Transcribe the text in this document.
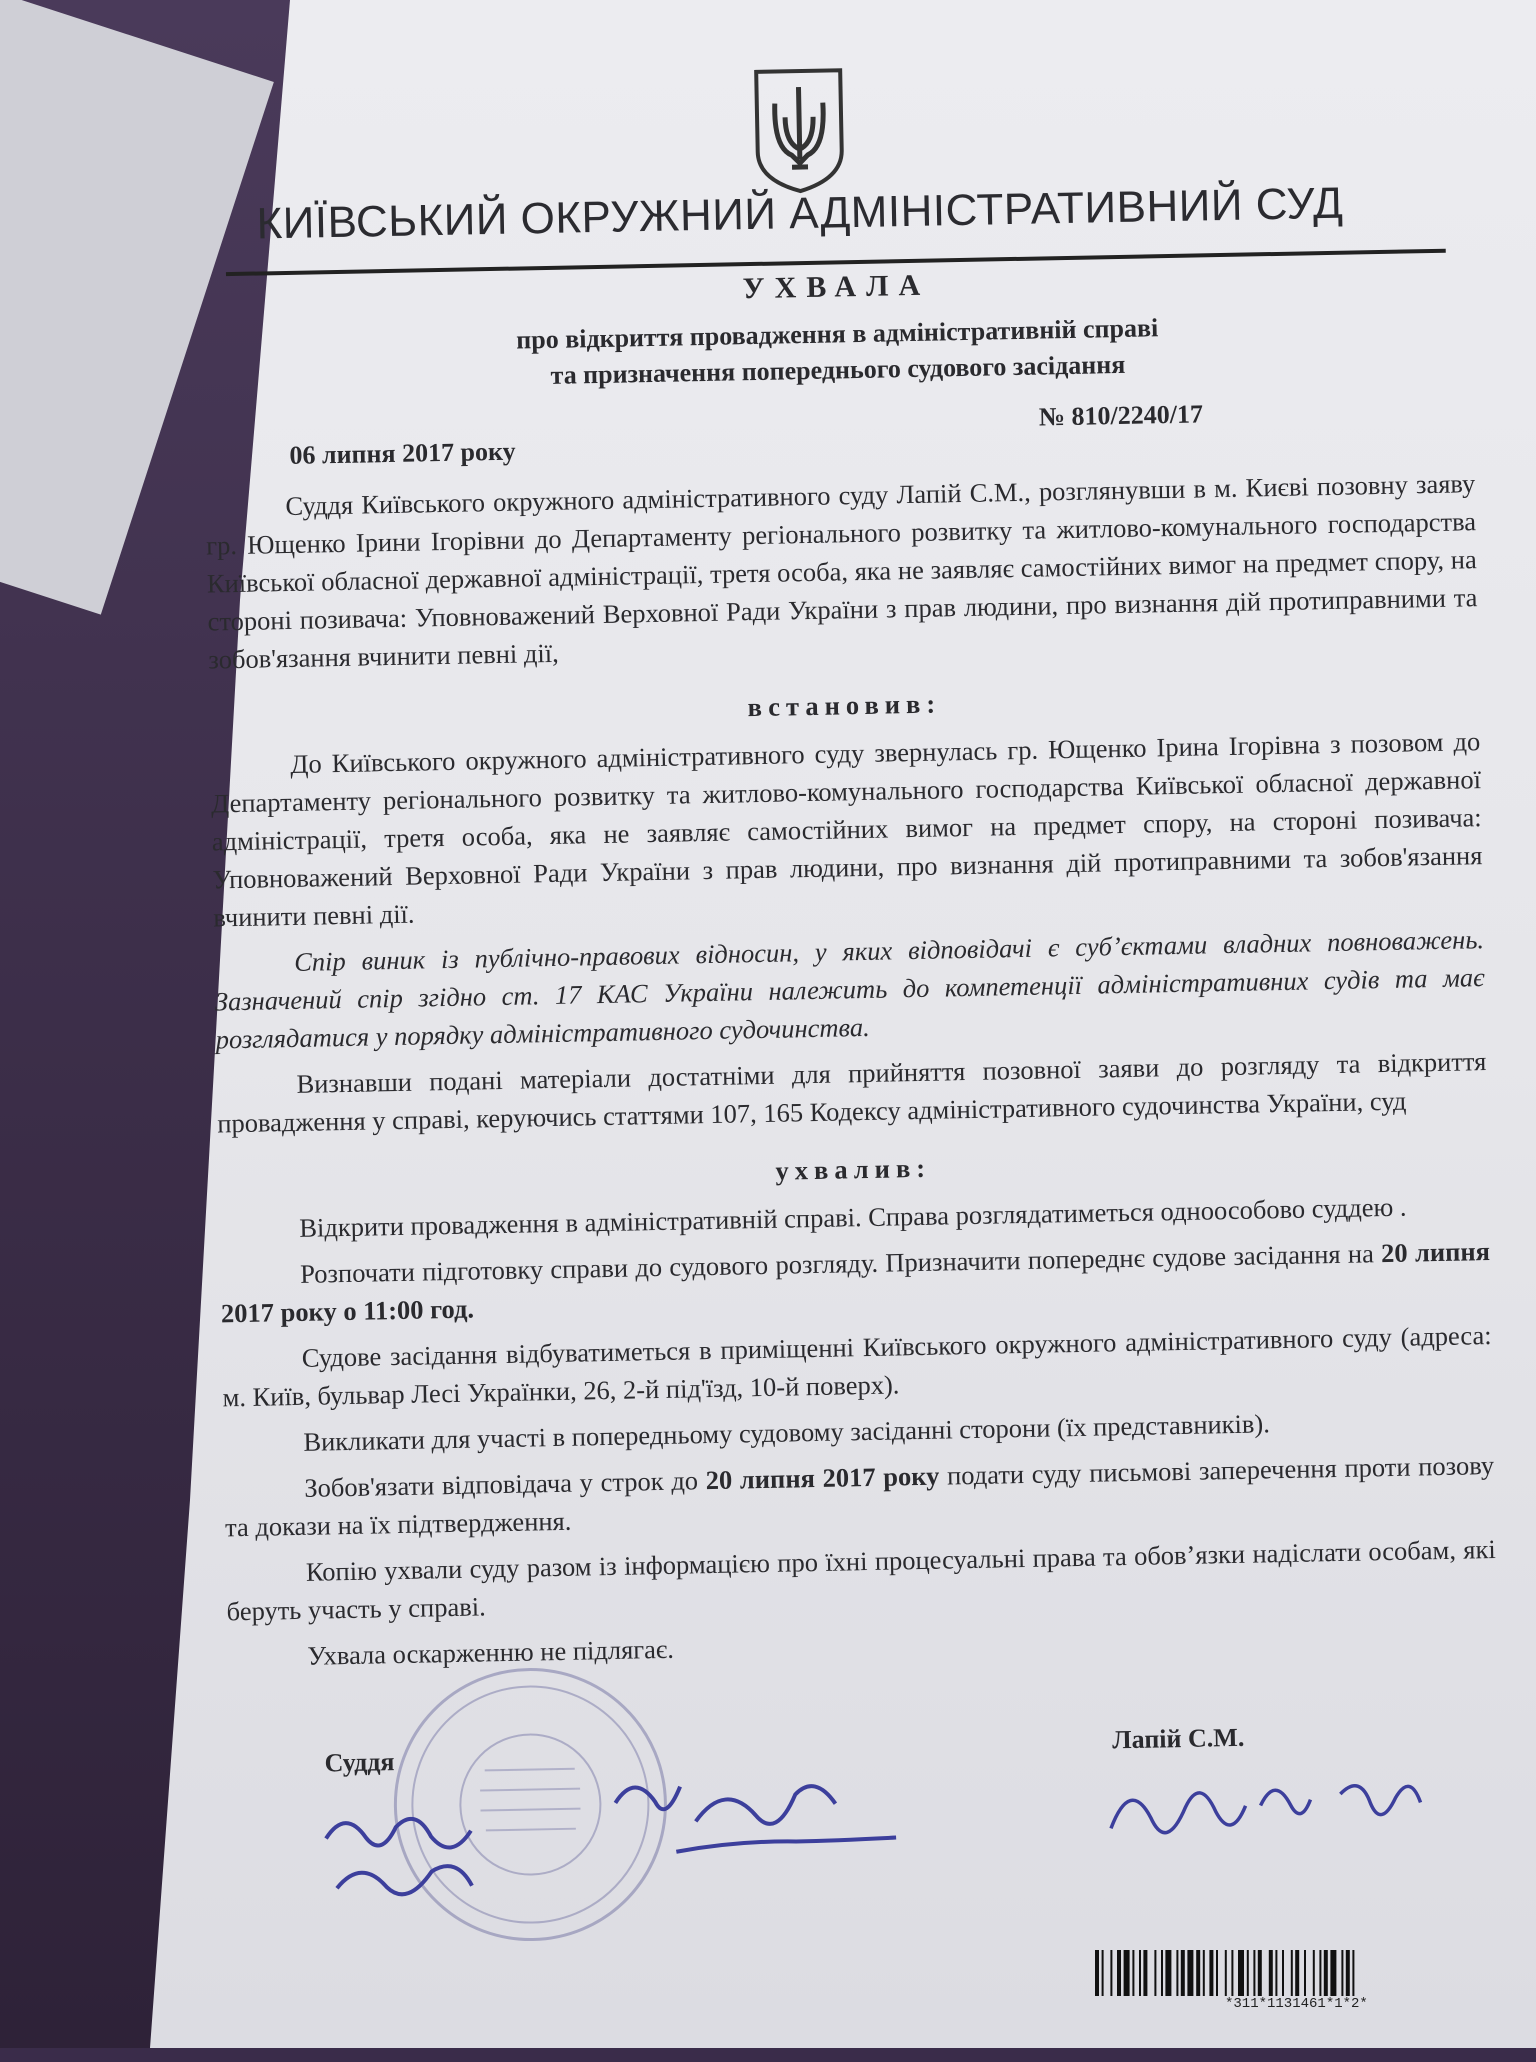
КИЇВСЬКИЙ ОКРУЖНИЙ АДМІНІСТРАТИВНИЙ СУД
УХВАЛА
про відкриття провадження в адміністративній справі
та призначення попереднього судового засідання
№ 810/2240/17
06 липня 2017 року

Суддя Київського окружного адміністративного суду Лапій С.М., розглянувши в м. Києві позовну заяву гр. Ющенко Ірини Ігорівни до Департаменту регіонального розвитку та житлово-комунального господарства Київської обласної державної адміністрації, третя особа, яка не заявляє самостійних вимог на предмет спору, на стороні позивача: Уповноважений Верховної Ради України з прав людини, про визнання дій протиправними та зобов'язання вчинити певні дії,

встановив:

До Київського окружного адміністративного суду звернулась гр. Ющенко Ірина Ігорівна з позовом до Департаменту регіонального розвитку та житлово-комунального господарства Київської обласної державної адміністрації, третя особа, яка не заявляє самостійних вимог на предмет спору, на стороні позивача: Уповноважений Верховної Ради України з прав людини, про визнання дій протиправними та зобов'язання вчинити певні дії.

Спір виник із публічно-правових відносин, у яких відповідачі є суб’єктами владних повноважень. Зазначений спір згідно ст. 17 КАС України належить до компетенції адміністративних судів та має розглядатися у порядку адміністративного судочинства.

Визнавши подані матеріали достатніми для прийняття позовної заяви до розгляду та відкриття провадження у справі, керуючись статтями 107, 165 Кодексу адміністративного судочинства України, суд

ухвалив:

Відкрити провадження в адміністративній справі. Справа розглядатиметься одноособово суддею .

Розпочати підготовку справи до судового розгляду. Призначити попереднє судове засідання на 20 липня 2017 року о 11:00 год.

Судове засідання відбуватиметься в приміщенні Київського окружного адміністративного суду (адреса: м. Київ, бульвар Лесі Українки, 26, 2-й під'їзд, 10-й поверх).

Викликати для участі в попередньому судовому засіданні сторони (їх представників).

Зобов'язати відповідача у строк до 20 липня 2017 року подати суду письмові заперечення проти позову та докази на їх підтвердження.

Копію ухвали суду разом із інформацією про їхні процесуальні права та обов’язки надіслати особам, які беруть участь у справі.

Ухвала оскарженню не підлягає.

Суддя
Лапій С.М.
*311*1131461*1*2*
